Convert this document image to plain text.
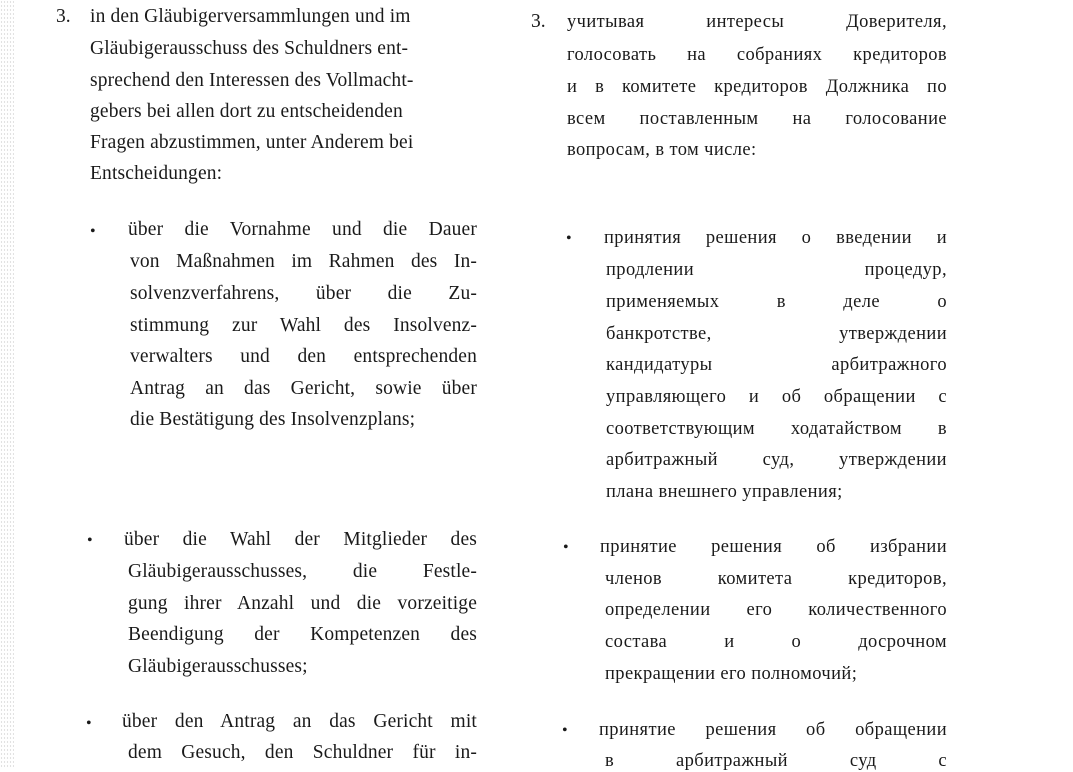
3. in den Gläubigerversammlungen und im
Gläubigerausschuss des Schuldners ent-
sprechend den Interessen des Vollmacht-
gebers bei allen dort zu entscheidenden
Fragen abzustimmen, unter Anderem bei
Entscheidungen:
• über die Vornahme und die Dauer
von Maßnahmen im Rahmen des In-
solvenzverfahrens, über die Zu-
stimmung zur Wahl des Insolvenz-
verwalters und den entsprechenden
Antrag an das Gericht, sowie über
die Bestätigung des Insolvenzplans;
• über die Wahl der Mitglieder des
Gläubigerausschusses, die Festle-
gung ihrer Anzahl und die vorzeitige
Beendigung der Kompetenzen des
Gläubigerausschusses;
• über den Antrag an das Gericht mit
dem Gesuch, den Schuldner für in-
3. учитывая интересы Доверителя,
голосовать на собраниях кредиторов
и в комитете кредиторов Должника по
всем поставленным на голосование
вопросам, в том числе:
• принятия решения о введении и
продлении процедур,
применяемых в деле о
банкротстве, утверждении
кандидатуры арбитражного
управляющего и об обращении с
соответствующим ходатайством в
арбитражный суд, утверждении
плана внешнего управления;
• принятие решения об избрании
членов комитета кредиторов,
определении его количественного
состава и о досрочном
прекращении его полномочий;
• принятие решения об обращении
в арбитражный суд с
